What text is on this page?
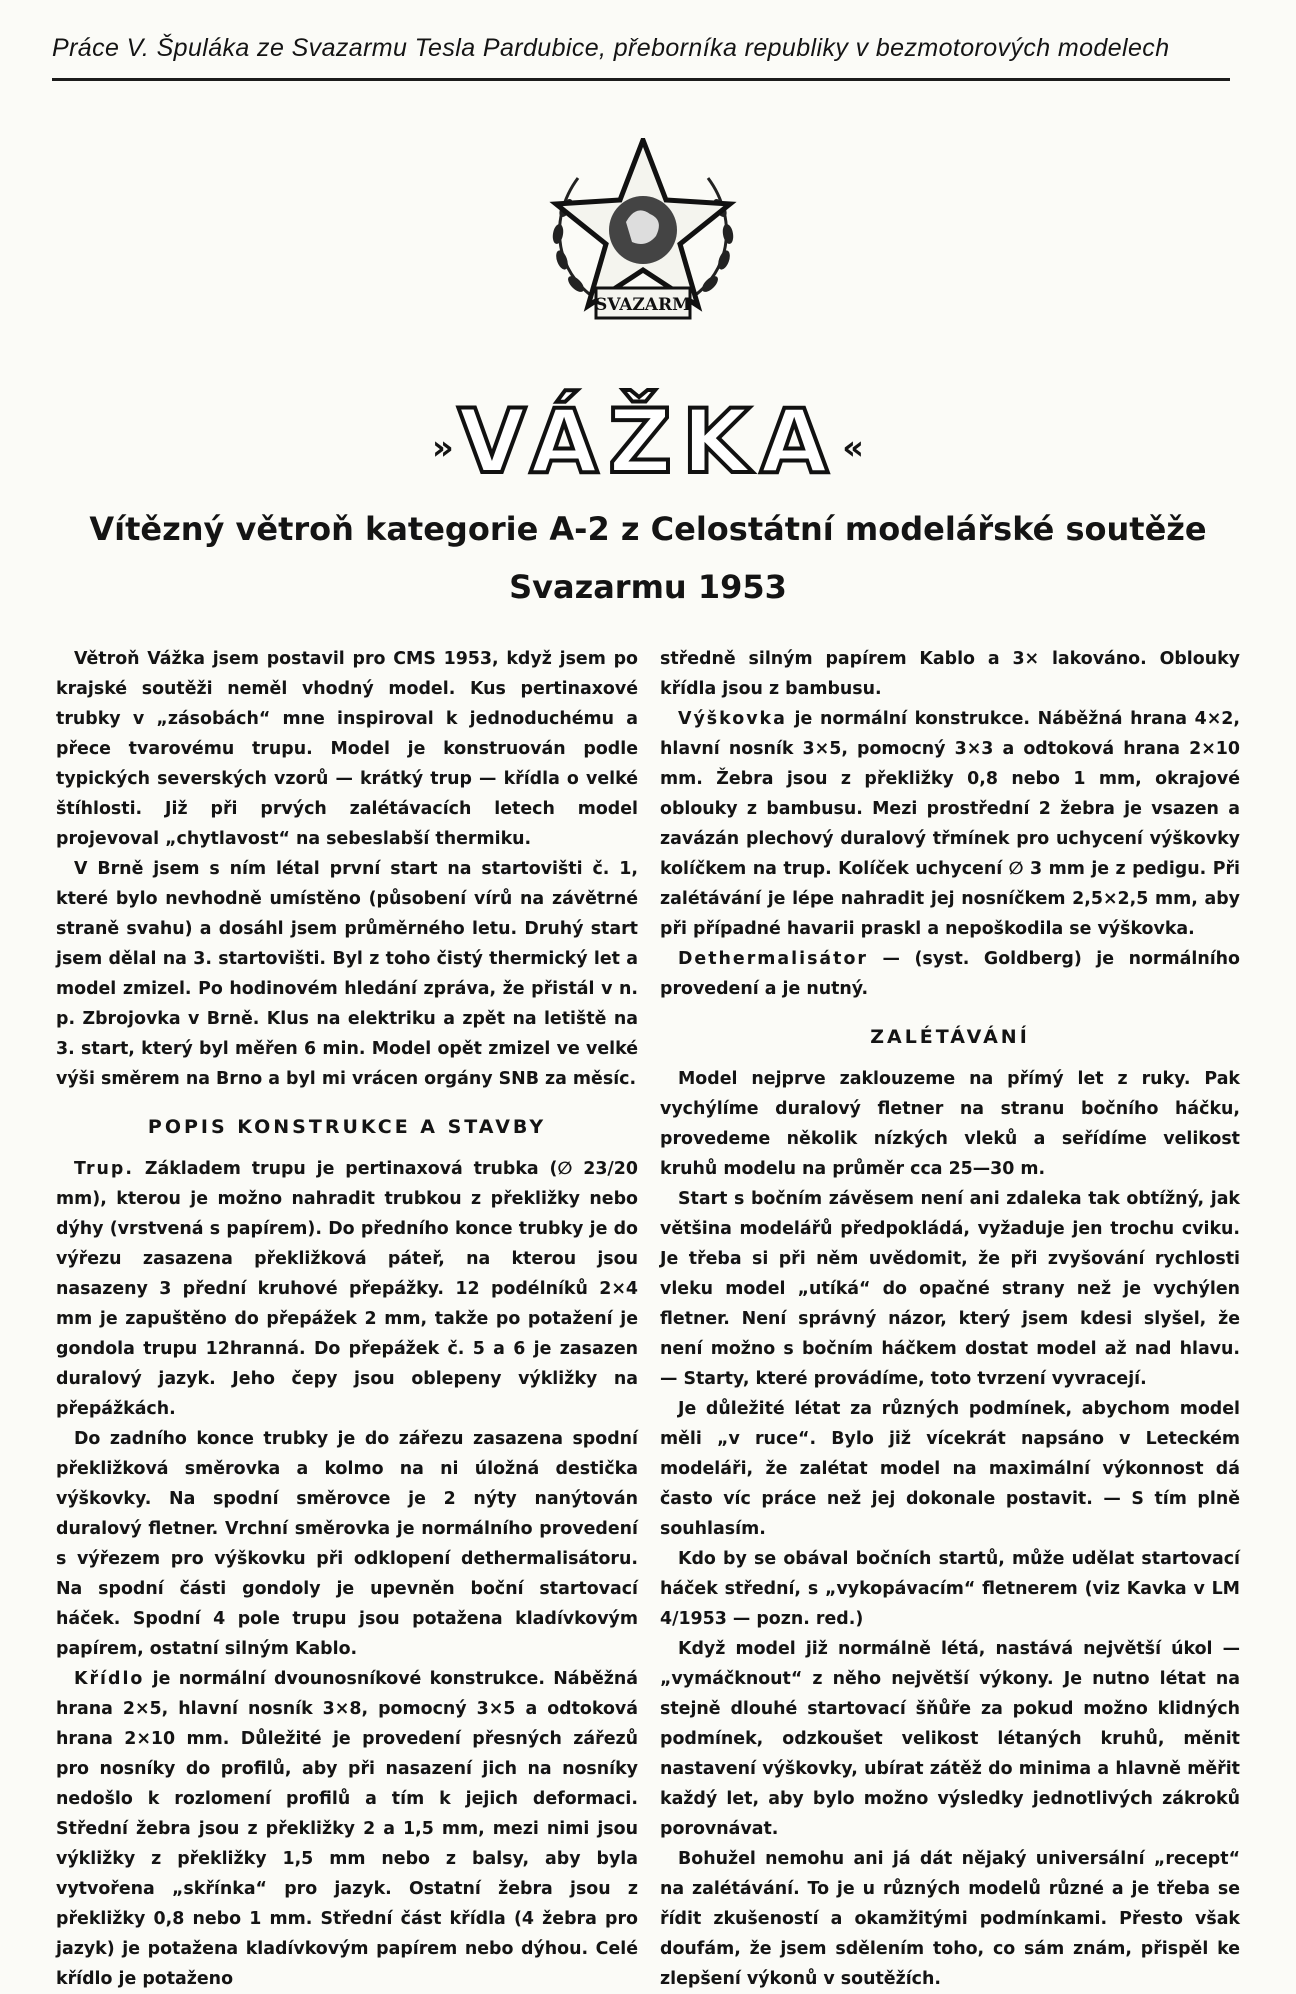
Práce V. Špuláka ze Svazarmu Tesla Pardubice, přeborníka republiky v bezmotorových modelech
SVAZARM
»VÁŽKA «
Vítězný větroň kategorie A-2 z Celostátní modelářské soutěže
Svazarmu 1953

Větroň Vážka jsem postavil pro CMS 1953, když jsem po krajské soutěži neměl vhodný model. Kus pertinaxové trubky v „zásobách“ mne inspiroval k jednoduchému a přece tvarovému trupu. Model je konstruován podle typických severských vzorů — krátký trup — křídla o velké štíhlosti. Již při prvých zalétávacích letech model projevoval „chytlavost“ na sebeslabší thermiku.

V Brně jsem s ním létal první start na startovišti č. 1, které bylo nevhodně umístěno (působení vírů na závětrné straně svahu) a dosáhl jsem průměrného letu. Druhý start jsem dělal na 3. startovišti. Byl z toho čistý thermický let a model zmizel. Po hodinovém hledání zpráva, že přistál v n. p. Zbrojovka v Brně. Klus na elektriku a zpět na letiště na 3. start, který byl měřen 6 min. Model opět zmizel ve velké výši směrem na Brno a byl mi vrácen orgány SNB za měsíc.

POPIS KONSTRUKCE A STAVBY

Trup. Základem trupu je pertinaxová trubka (∅ 23/20 mm), kterou je možno nahradit trubkou z překližky nebo dýhy (vrstvená s papírem). Do předního konce trubky je do výřezu zasazena překližková páteř, na kterou jsou nasazeny 3 přední kruhové přepážky. 12 podélníků 2×4 mm je zapuštěno do přepážek 2 mm, takže po potažení je gondola trupu 12hranná. Do přepážek č. 5 a 6 je zasazen duralový jazyk. Jeho čepy jsou oblepeny výkližky na přepážkách.

Do zadního konce trubky je do zářezu zasazena spodní překližková směrovka a kolmo na ni úložná destička výškovky. Na spodní směrovce je 2 nýty nanýtován duralový fletner. Vrchní směrovka je normálního provedení s výřezem pro výškovku při odklopení dethermalisátoru. Na spodní části gondoly je upevněn boční startovací háček. Spodní 4 pole trupu jsou potažena kladívkovým papírem, ostatní silným Kablo.

Křídlo je normální dvounosníkové konstrukce. Náběžná hrana 2×5, hlavní nosník 3×8, pomocný 3×5 a odtoková hrana 2×10 mm. Důležité je provedení přesných zářezů pro nosníky do profilů, aby při nasazení jich na nosníky nedošlo k rozlomení profilů a tím k jejich deformaci. Střední žebra jsou z překližky 2 a 1,5 mm, mezi nimi jsou výkližky z překližky 1,5 mm nebo z balsy, aby byla vytvořena „skřínka“ pro jazyk. Ostatní žebra jsou z překližky 0,8 nebo 1 mm. Střední část křídla (4 žebra pro jazyk) je potažena kladívkovým papírem nebo dýhou. Celé křídlo je potaženo

středně silným papírem Kablo a 3× lakováno. Oblouky křídla jsou z bambusu.

Výškovka je normální konstrukce. Náběžná hrana 4×2, hlavní nosník 3×5, pomocný 3×3 a odtoková hrana 2×10 mm. Žebra jsou z překližky 0,8 nebo 1 mm, okrajové oblouky z bambusu. Mezi prostřední 2 žebra je vsazen a zavázán plechový duralový třmínek pro uchycení výškovky kolíčkem na trup. Kolíček uchycení ∅ 3 mm je z pedigu. Při zalétávání je lépe nahradit jej nosníčkem 2,5×2,5 mm, aby při případné havarii praskl a nepoškodila se výškovka.

Dethermalisátor — (syst. Goldberg) je normálního provedení a je nutný.

ZALÉTÁVÁNÍ

Model nejprve zaklouzeme na přímý let z ruky. Pak vychýlíme duralový fletner na stranu bočního háčku, provedeme několik nízkých vleků a seřídíme velikost kruhů modelu na průměr cca 25—30 m.

Start s bočním závěsem není ani zdaleka tak obtížný, jak většina modelářů předpokládá, vyžaduje jen trochu cviku. Je třeba si při něm uvědomit, že při zvyšování rychlosti vleku model „utíká“ do opačné strany než je vychýlen fletner. Není správný názor, který jsem kdesi slyšel, že není možno s bočním háčkem dostat model až nad hlavu. — Starty, které provádíme, toto tvrzení vyvracejí.

Je důležité létat za různých podmínek, abychom model měli „v ruce“. Bylo již vícekrát napsáno v Leteckém modeláři, že zalétat model na maximální výkonnost dá často víc práce než jej dokonale postavit. — S tím plně souhlasím.

Kdo by se obával bočních startů, může udělat startovací háček střední, s „vykopávacím“ fletnerem (viz Kavka v LM 4/1953 — pozn. red.)

Když model již normálně létá, nastává největší úkol — „vymáčknout“ z něho největší výkony. Je nutno létat na stejně dlouhé startovací šňůře za pokud možno klidných podmínek, odzkoušet velikost létaných kruhů, měnit nastavení výškovky, ubírat zátěž do minima a hlavně měřit každý let, aby bylo možno výsledky jednotlivých zákroků porovnávat.

Bohužel nemohu ani já dát nějaký universální „recept“ na zalétávání. To je u různých modelů různé a je třeba se řídit zkušeností a okamžitými podmínkami. Přesto však doufám, že jsem sdělením toho, co sám znám, přispěl ke zlepšení výkonů v soutěžích.
